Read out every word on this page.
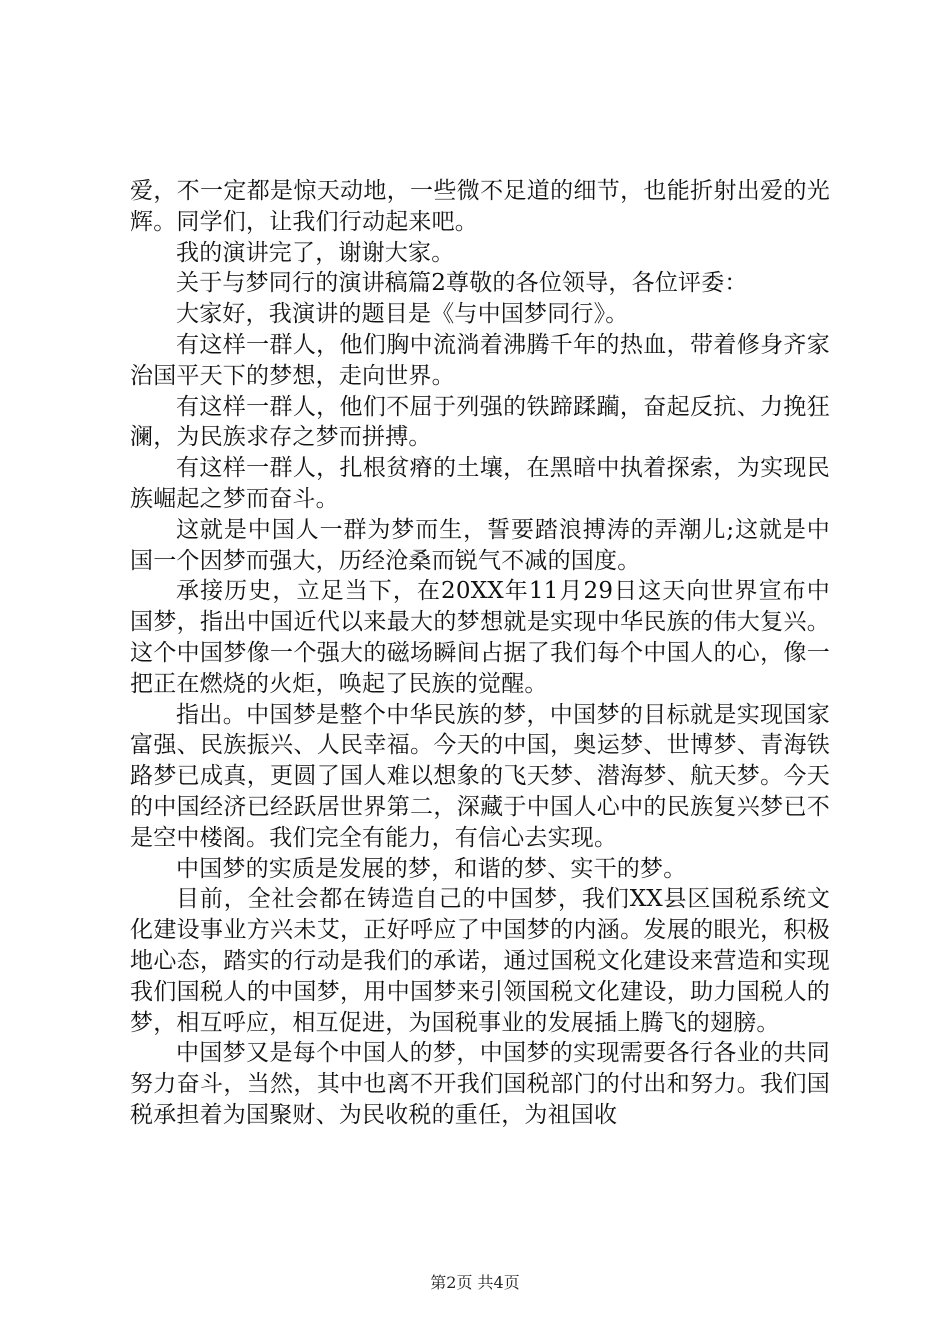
爱，不一定都是惊天动地，一些微不足道的细节，也能折射出爱的光辉。同学们，让我们行动起来吧。

我的演讲完了，谢谢大家。

关于与梦同行的演讲稿篇2尊敬的各位领导，各位评委：

大家好，我演讲的题目是《与中国梦同行》。

有这样一群人，他们胸中流淌着沸腾千年的热血，带着修身齐家治国平天下的梦想，走向世界。

有这样一群人，他们不屈于列强的铁蹄蹂躏，奋起反抗、力挽狂澜，为民族求存之梦而拼搏。

有这样一群人，扎根贫瘠的土壤，在黑暗中执着探索，为实现民族崛起之梦而奋斗。

这就是中国人一群为梦而生，誓要踏浪搏涛的弄潮儿;这就是中国一个因梦而强大，历经沧桑而锐气不减的国度。

承接历史，立足当下，在20XX年11月29日这天向世界宣布中国梦，指出中国近代以来最大的梦想就是实现中华民族的伟大复兴。这个中国梦像一个强大的磁场瞬间占据了我们每个中国人的心，像一把正在燃烧的火炬，唤起了民族的觉醒。

指出。中国梦是整个中华民族的梦，中国梦的目标就是实现国家富强、民族振兴、人民幸福。今天的中国，奥运梦、世博梦、青海铁路梦已成真，更圆了国人难以想象的飞天梦、潜海梦、航天梦。今天的中国经济已经跃居世界第二，深藏于中国人心中的民族复兴梦已不是空中楼阁。我们完全有能力，有信心去实现。

中国梦的实质是发展的梦，和谐的梦、实干的梦。

目前，全社会都在铸造自己的中国梦，我们XX县区国税系统文化建设事业方兴未艾，正好呼应了中国梦的内涵。发展的眼光，积极地心态，踏实的行动是我们的承诺，通过国税文化建设来营造和实现我们国税人的中国梦，用中国梦来引领国税文化建设，助力国税人的梦，相互呼应，相互促进，为国税事业的发展插上腾飞的翅膀。

中国梦又是每个中国人的梦，中国梦的实现需要各行各业的共同努力奋斗，当然，其中也离不开我们国税部门的付出和努力。我们国税承担着为国聚财、为民收税的重任，为祖国收

第2页 共4页
